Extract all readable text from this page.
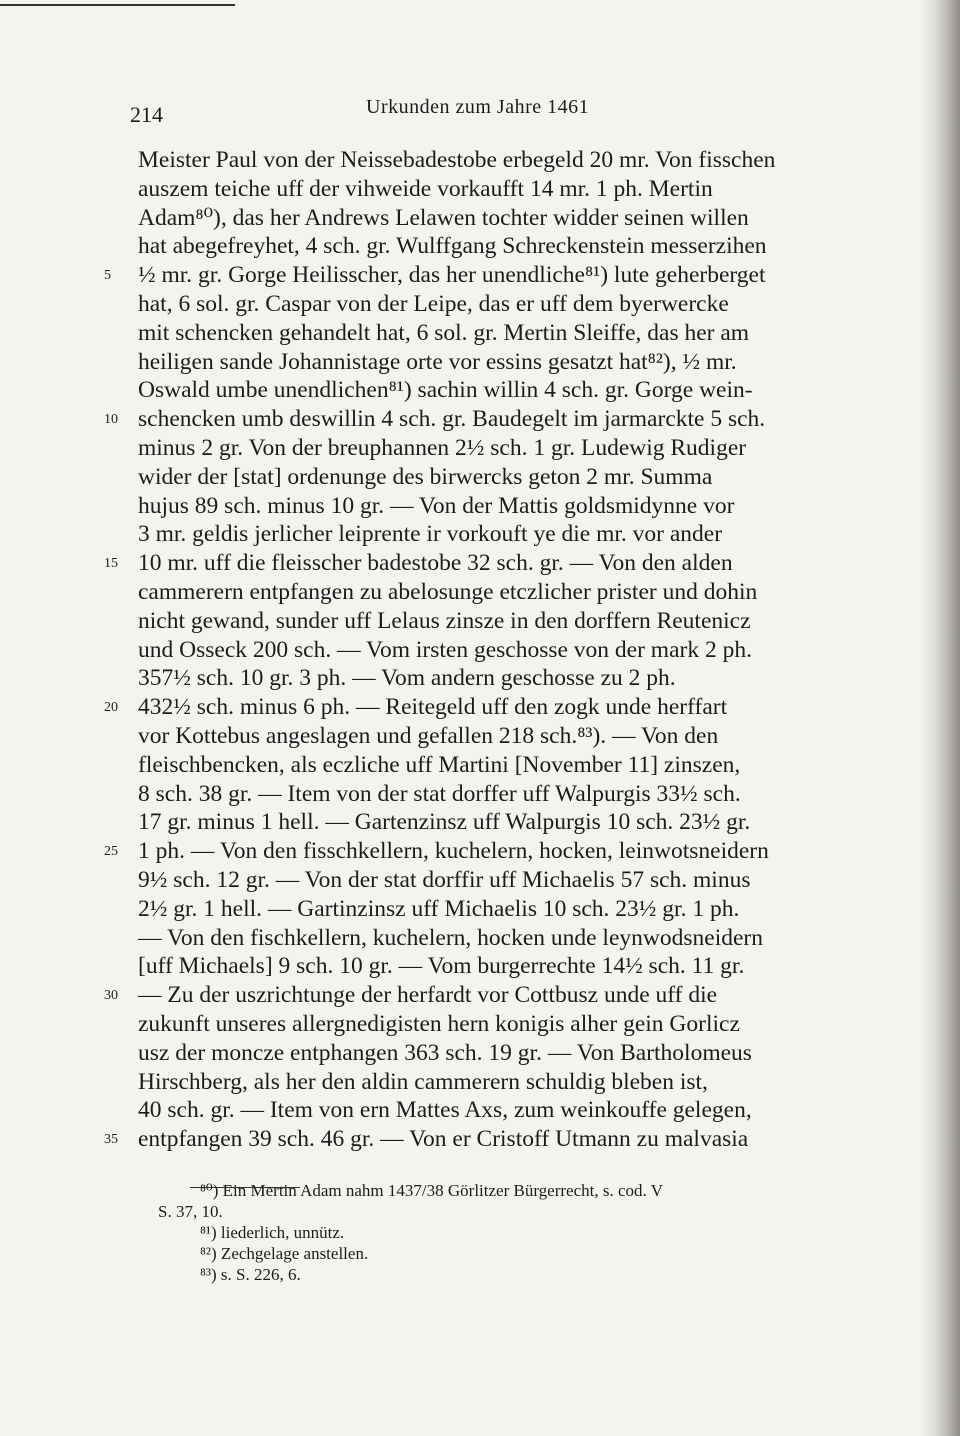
214	Urkunden zum Jahre 1461
Meister Paul von der Neissebadestobe erbegeld 20 mr. Von fisschen
auszem teiche uff der vihweide vorkaufft 14 mr. 1 ph. Mertin
Adam⁸⁰), das her Andrews Lelawen tochter widder seinen willen
hat abegefreyhet, 4 sch. gr. Wulffgang Schreckenstein messerzihen
½ mr. gr. Gorge Heilisscher, das her unendliche⁸¹) lute geherberget
5
hat, 6 sol. gr. Caspar von der Leipe, das er uff dem byerwercke
mit schencken gehandelt hat, 6 sol. gr. Mertin Sleiffe, das her am
heiligen sande Johannistage orte vor essins gesatzt hat⁸²), ½ mr.
Oswald umbe unendlichen⁸¹) sachin willin 4 sch. gr. Gorge wein-
schencken umb deswillin 4 sch. gr. Baudegelt im jarmarckte 5 sch.
10
minus 2 gr. Von der breuphannen 2½ sch. 1 gr. Ludewig Rudiger
wider der [stat] ordenunge des birwercks geton 2 mr. Summa
hujus 89 sch. minus 10 gr. — Von der Mattis goldsmidynne vor
3 mr. geldis jerlicher leiprente ir vorkouft ye die mr. vor ander
10 mr. uff die fleisscher badestobe 32 sch. gr. — Von den alden
15
cammerern entpfangen zu abelosunge etczlicher prister und dohin
nicht gewand, sunder uff Lelaus zinsze in den dorffern Reutenicz
und Osseck 200 sch. — Vom irsten geschosse von der mark 2 ph.
357½ sch. 10 gr. 3 ph. — Vom andern geschosse zu 2 ph.
432½ sch. minus 6 ph. — Reitegeld uff den zogk unde herffart
20
vor Kottebus angeslagen und gefallen 218 sch.⁸³). — Von den
fleischbencken, als eczliche uff Martini [November 11] zinszen,
8 sch. 38 gr. — Item von der stat dorffer uff Walpurgis 33½ sch.
17 gr. minus 1 hell. — Gartenzinsz uff Walpurgis 10 sch. 23½ gr.
1 ph. — Von den fisschkellern, kuchelern, hocken, leinwotsneidern
25
9½ sch. 12 gr. — Von der stat dorffir uff Michaelis 57 sch. minus
2½ gr. 1 hell. — Gartinzinsz uff Michaelis 10 sch. 23½ gr. 1 ph.
— Von den fischkellern, kuchelern, hocken unde leynwodsneidern
[uff Michaels] 9 sch. 10 gr. — Vom burgerrechte 14½ sch. 11 gr.
— Zu der uszrichtunge der herfardt vor Cottbusz unde uff die
30
zukunft unseres allergnedigisten hern konigis alher gein Gorlicz
usz der moncze entphangen 363 sch. 19 gr. — Von Bartholomeus
Hirschberg, als her den aldin cammerern schuldig bleben ist,
40 sch. gr. — Item von ern Mattes Axs, zum weinkouffe gelegen,
entpfangen 39 sch. 46 gr. — Von er Cristoff Utmann zu malvasia
35
⁸⁰) Ein Mertin Adam nahm 1437/38 Görlitzer Bürgerrecht, s. cod. V
S. 37, 10.
⁸¹) liederlich, unnütz.
⁸²) Zechgelage anstellen.
⁸³) s. S. 226, 6.
